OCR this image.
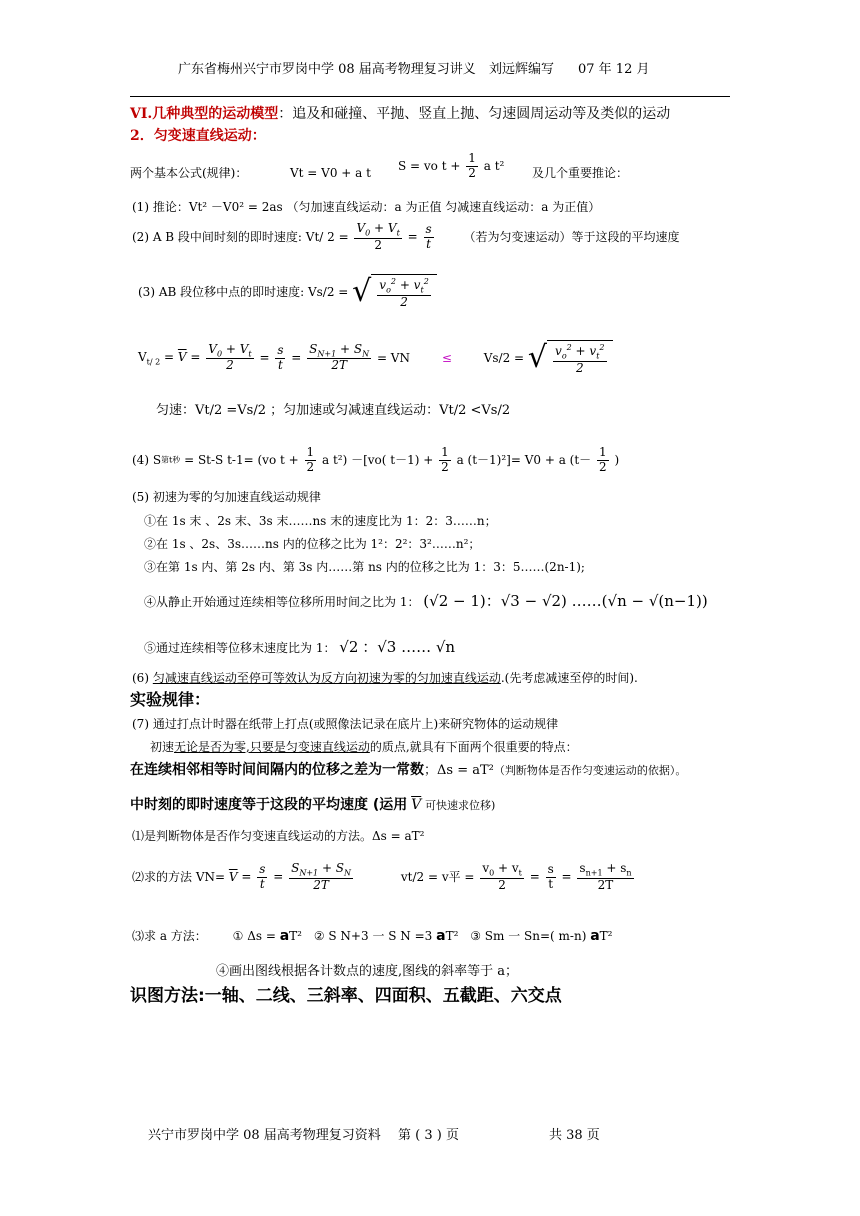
广东省梅州兴宁市罗岗中学 08 届高考物理复习讲义 刘远辉编写 07 年 12 月
VI.几种典型的运动模型：追及和碰撞、平抛、竖直上抛、匀速圆周运动等及类似的运动
2．匀变速直线运动：
两个基本公式(规律)：	Vt = V0 + a t
S = vo $t + \frac{1}{2}$ a t²
及几个重要推论：
(1) 推论：Vt² －V0² = 2as （匀加速直线运动：a 为正值 匀减速直线运动：a 为正值）
(2) A B 段中间时刻的即时速度: Vt/ $2 = \frac{V_0 + V_t}{2} = \frac{s}{t}$ （若为匀变速运动）等于这段的平均速度
(3) AB 段位移中点的即时速度: Vs/2 = √ $\frac{v_o^2 + v_t^2}{2}$
$V_{t/ 2} = \overline{V} = \frac{V_0 + V_t}{2} = \frac{s}{t} = \frac{S_{N+1} + S_N}{2T}$ = VN	≤	Vs/2 = √ $\frac{v_o^2 + v_t^2}{2}$
匀速：Vt/2 =Vs/2 ；匀加速或匀减速直线运动：Vt/2 <Vs/2
(4) S第t秒 = St-S t-1= (vo $t + \frac{1}{2}$ a t²) －[vo( $t-1) + \frac{1}{2}$ a (t－1)²]= V0 + a ($t- \frac{1}{2}$ )
(5) 初速为零的匀加速直线运动规律
①在 1s 末 、2s 末、3s 末……ns 末的速度比为 1：2：3……n；
②在 1s 、2s、3s……ns 内的位移之比为 1²：2²：3²……n²；
③在第 1s 内、第 2s 内、第 3s 内……第 ns 内的位移之比为 1：3：5……(2n-1);
④从静止开始通过连续相等位移所用时间之比为 1： (√2 − 1)：√3 − √2) ……(√n − √(n−1))
⑤通过连续相等位移末速度比为 1： √2 ：√3 …… √n
(6) 匀减速直线运动至停可等效认为反方向初速为零的匀加速直线运动.(先考虑减速至停的时间).
实验规律：
(7) 通过打点计时器在纸带上打点(或照像法记录在底片上)来研究物体的运动规律
初速无论是否为零,只要是匀变速直线运动的质点,就具有下面两个很重要的特点：
在连续相邻相等时间间隔内的位移之差为一常数；Δs = aT²（判断物体是否作匀变速运动的依据）。
中时刻的即时速度等于这段的平均速度 (运用 $\overline{V}$ 可快速求位移)
⑴是判断物体是否作匀变速直线运动的方法。Δs = aT²
⑵求的方法 $VN= \overline{V} = \frac{s}{t} = \frac{S_{N+1} + S_N}{2T}$	vt/2 = v平 = $\frac{v_0 + v_t}{2} = \frac{s}{t} = \frac{s_{n+1} + s_n}{2T}$
⑶求 a 方法： ① Δs = aT² ② S N+3 一 S N =3 aT² ③ Sm 一 Sn=( m-n) aT²
④画出图线根据各计数点的速度,图线的斜率等于 a；
识图方法:一轴、二线、三斜率、四面积、五截距、六交点
兴宁市罗岗中学 08 届高考物理复习资料 第 ( 3 ) 页	共 38 页
